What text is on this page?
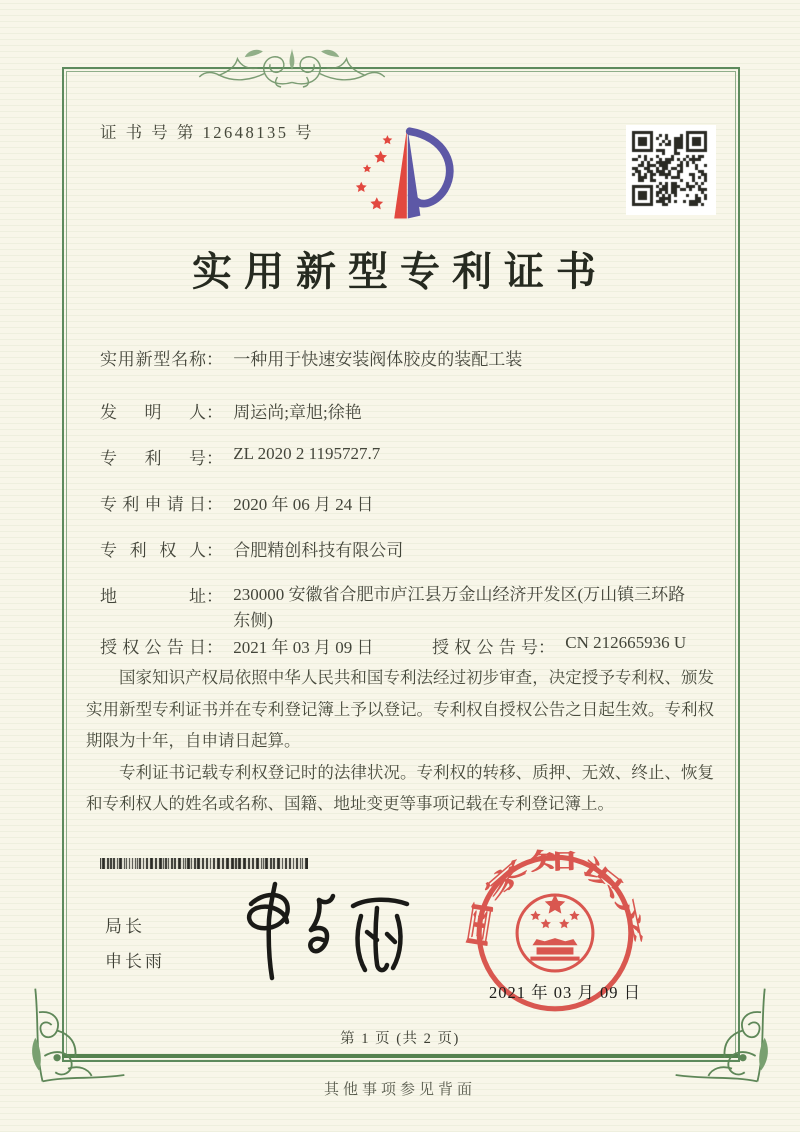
证 书 号 第 12648135 号
实用新型专利证书
实 用 新 型 名 称 ： 一种用于快速安装阀体胶皮的装配工装
发 明 人 ： 周运尚;章旭;徐艳
专 利 号 ： ZL 2020 2 1195727.7
专 利 申 请 日 ： 2020 年 06 月 24 日
专 利 权 人 ： 合肥精创科技有限公司
地	址 ： 230000 安徽省合肥市庐江县万金山经济开发区(万山镇三环路东侧)
授 权 公 告 日 ： 2021 年 03 月 09 日	授 权 公 告 号 ： CN 212665936 U

国家知识产权局依照中华人民共和国专利法经过初步审查，决定授予专利权、颁发实用新型专利证书并在专利登记簿上予以登记。专利权自授权公告之日起生效。专利权期限为十年，自申请日起算。

专利证书记载专利权登记时的法律状况。专利权的转移、质押、无效、终止、恢复和专利权人的姓名或名称、国籍、地址变更等事项记载在专利登记簿上。

局长
申长雨
国家知识产权局
2021 年 03 月 09 日
第 1 页 (共 2 页)
其他事项参见背面
